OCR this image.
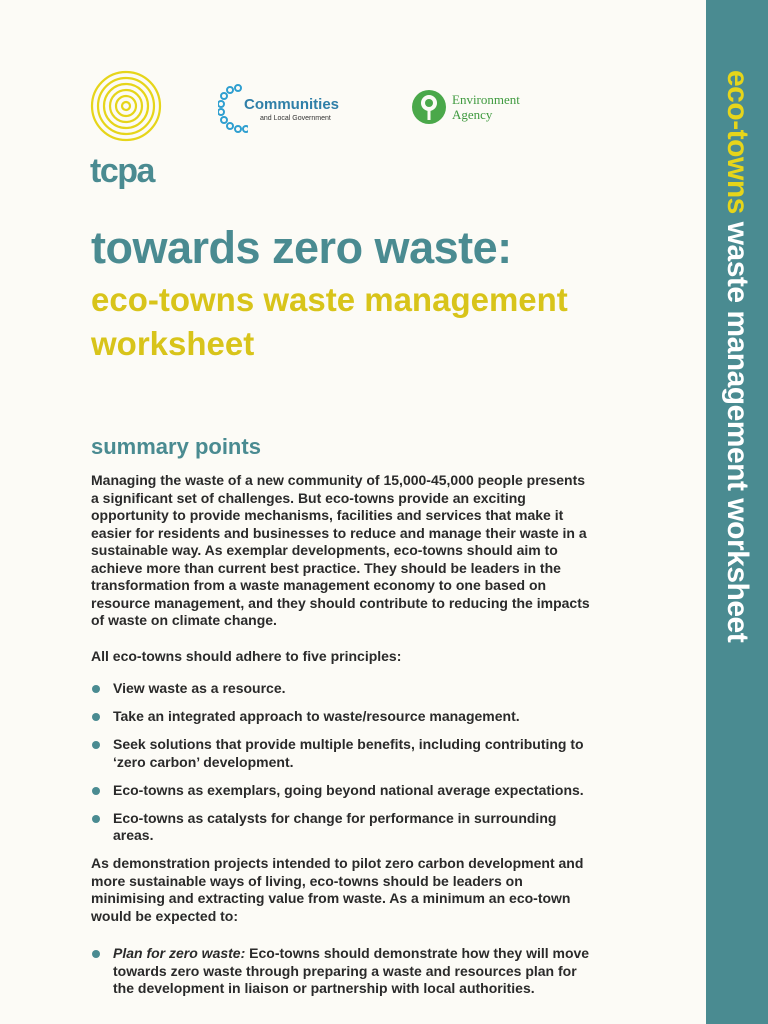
eco-towns waste management worksheet
tcpa
Communities
and Local Government
Environment
Agency
towards zero waste:
eco-towns waste management worksheet
summary points

Managing the waste of a new community of 15,000-45,000 people presents a significant set of challenges. But eco-towns provide an exciting opportunity to provide mechanisms, facilities and services that make it easier for residents and businesses to reduce and manage their waste in a sustainable way. As exemplar developments, eco-towns should aim to achieve more than current best practice. They should be leaders in the transformation from a waste management economy to one based on resource management, and they should contribute to reducing the impacts of waste on climate change.

All eco-towns should adhere to five principles:

View waste as a resource.
Take an integrated approach to waste/resource management.
Seek solutions that provide multiple benefits, including contributing to ‘zero carbon’ development.
Eco-towns as exemplars, going beyond national average expectations.
Eco-towns as catalysts for change for performance in surrounding areas.

As demonstration projects intended to pilot zero carbon development and more sustainable ways of living, eco-towns should be leaders on minimising and extracting value from waste. As a minimum an eco-town would be expected to:

Plan for zero waste: Eco-towns should demonstrate how they will move towards zero waste through preparing a waste and resources plan for the development in liaison or partnership with local authorities.
